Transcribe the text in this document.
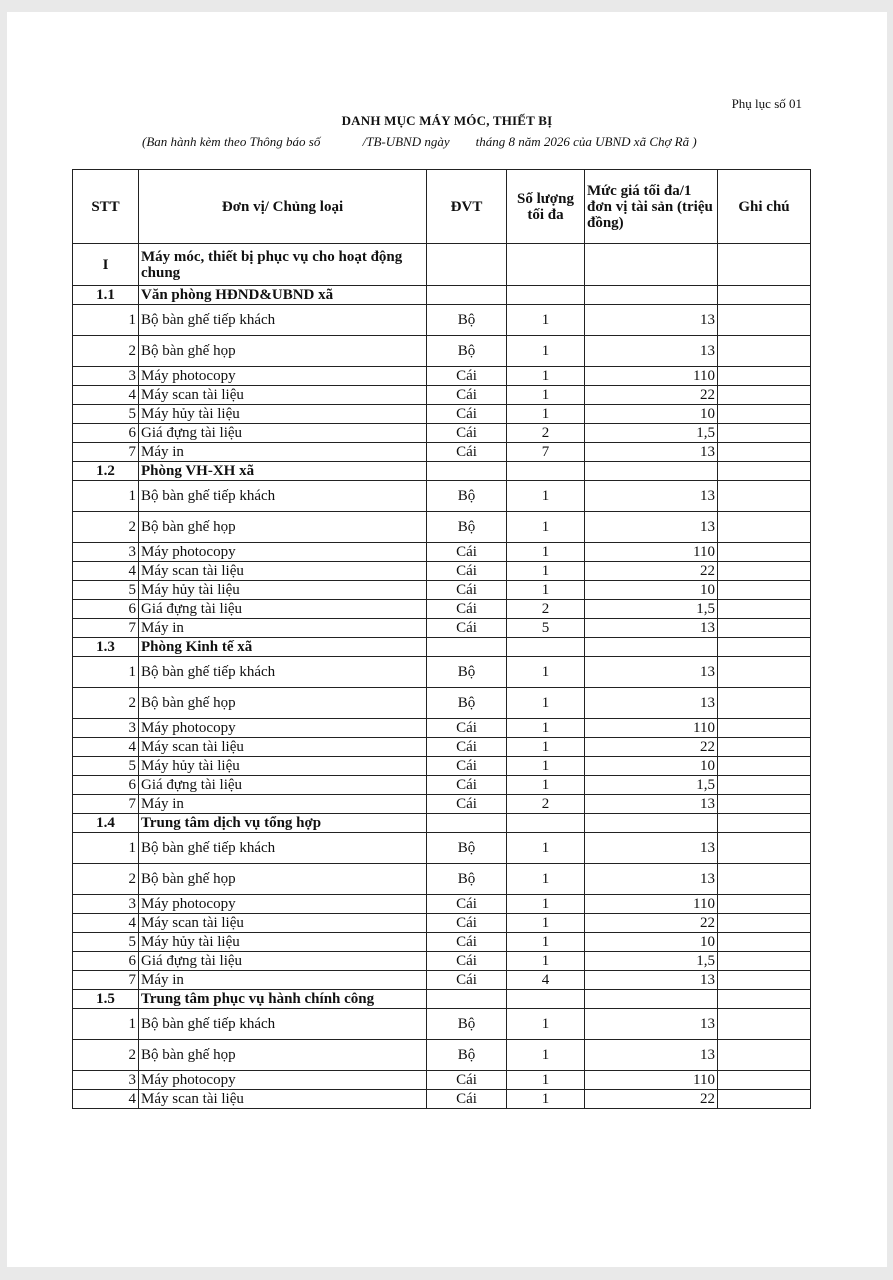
Phụ lục số 01
DANH MỤC MÁY MÓC, THIẾT BỊ
(Ban hành kèm theo Thông báo số             /TB-UBND ngày        tháng 8 năm 2026 của UBND xã Chợ Rã )
STT	Đơn vị/ Chủng loại	ĐVT	Số lượng tối đa	Mức giá tối đa/1 đơn vị tài sản (triệu đồng)	Ghi chú
I	Máy móc, thiết bị phục vụ cho hoạt động chung				
1.1	Văn phòng HĐND&UBND xã				
1	Bộ bàn ghế tiếp khách	Bộ	1	13	
2	Bộ bàn ghế họp	Bộ	1	13	
3	Máy photocopy	Cái	1	110	
4	Máy scan tài liệu	Cái	1	22	
5	Máy hủy tài liệu	Cái	1	10	
6	Giá đựng tài liệu	Cái	2	1,5	
7	Máy in	Cái	7	13	
1.2	Phòng VH-XH xã				
1	Bộ bàn ghế tiếp khách	Bộ	1	13	
2	Bộ bàn ghế họp	Bộ	1	13	
3	Máy photocopy	Cái	1	110	
4	Máy scan tài liệu	Cái	1	22	
5	Máy hủy tài liệu	Cái	1	10	
6	Giá đựng tài liệu	Cái	2	1,5	
7	Máy in	Cái	5	13	
1.3	Phòng Kinh tế xã				
1	Bộ bàn ghế tiếp khách	Bộ	1	13	
2	Bộ bàn ghế họp	Bộ	1	13	
3	Máy photocopy	Cái	1	110	
4	Máy scan tài liệu	Cái	1	22	
5	Máy hủy tài liệu	Cái	1	10	
6	Giá đựng tài liệu	Cái	1	1,5	
7	Máy in	Cái	2	13	
1.4	Trung tâm dịch vụ tổng hợp				
1	Bộ bàn ghế tiếp khách	Bộ	1	13	
2	Bộ bàn ghế họp	Bộ	1	13	
3	Máy photocopy	Cái	1	110	
4	Máy scan tài liệu	Cái	1	22	
5	Máy hủy tài liệu	Cái	1	10	
6	Giá đựng tài liệu	Cái	1	1,5	
7	Máy in	Cái	4	13	
1.5	Trung tâm phục vụ hành chính công				
1	Bộ bàn ghế tiếp khách	Bộ	1	13	
2	Bộ bàn ghế họp	Bộ	1	13	
3	Máy photocopy	Cái	1	110	
4	Máy scan tài liệu	Cái	1	22	
